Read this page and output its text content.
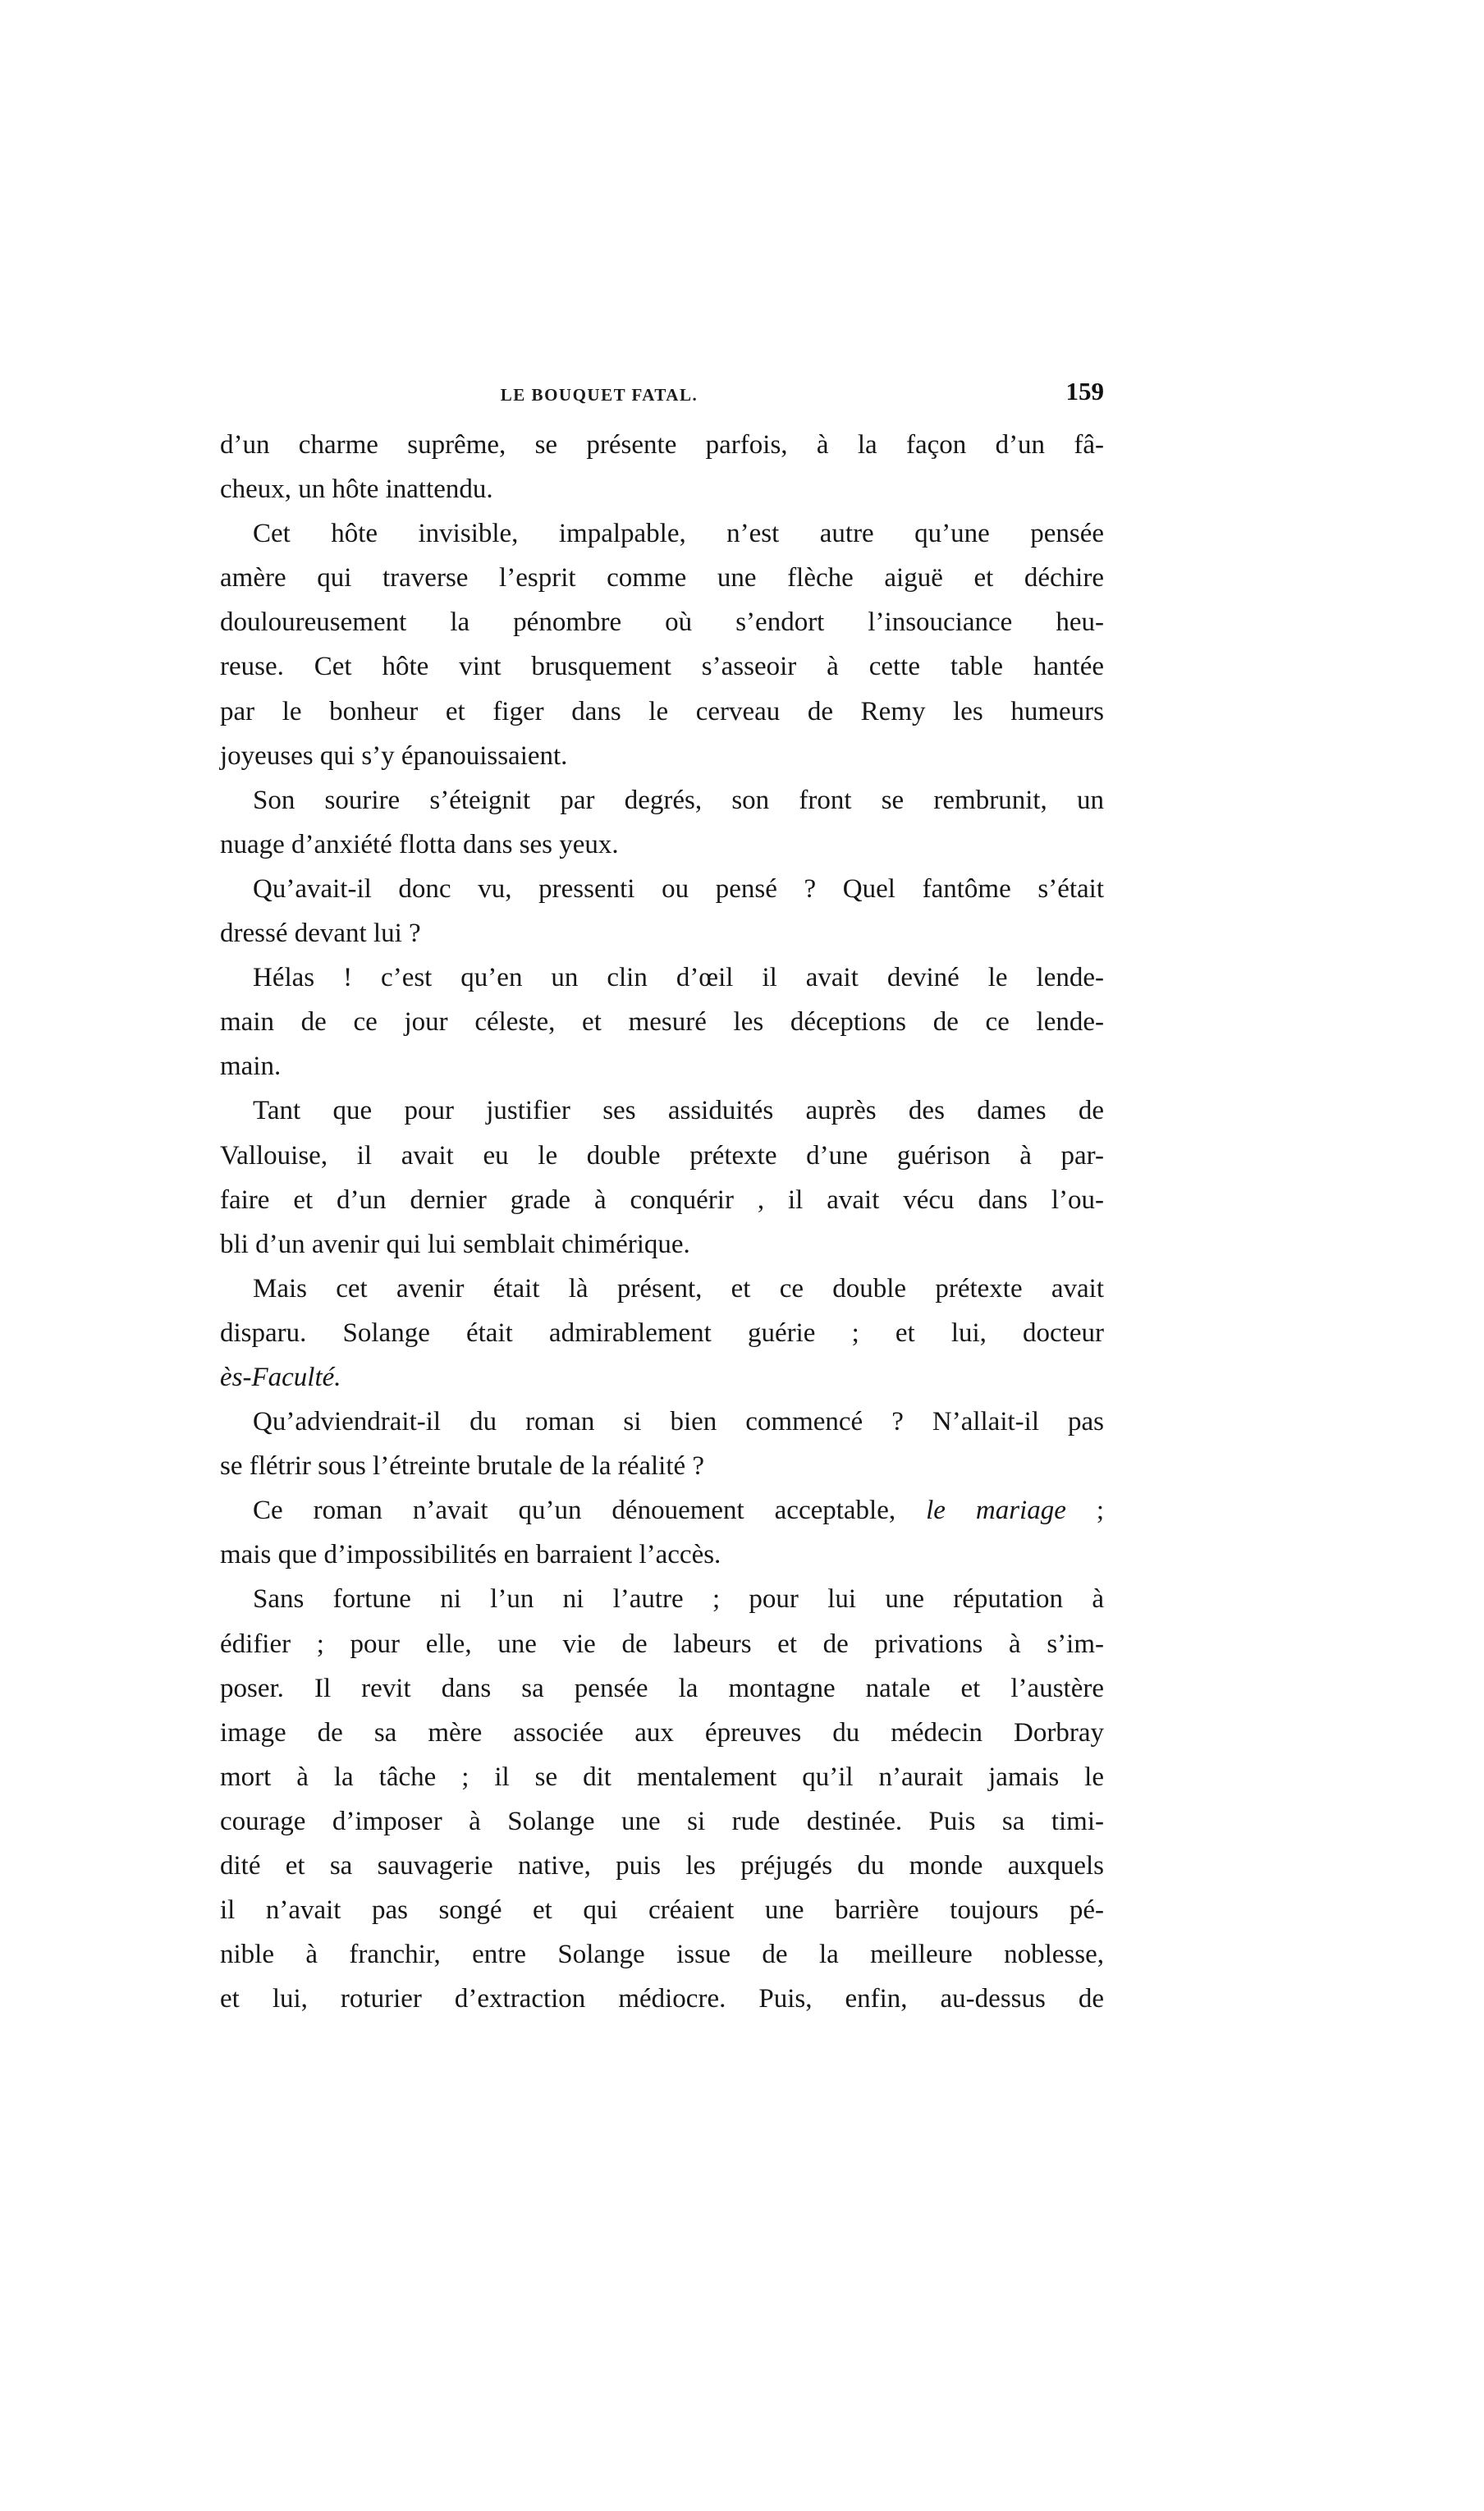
LE BOUQUET FATAL.	159
d’un charme suprême, se présente parfois, à la façon d’un fâ-
cheux, un hôte inattendu.
Cet hôte invisible, impalpable, n’est autre qu’une pensée
amère qui traverse l’esprit comme une flèche aiguë et déchire
douloureusement la pénombre où s’endort l’insouciance heu-
reuse. Cet hôte vint brusquement s’asseoir à cette table hantée
par le bonheur et figer dans le cerveau de Remy les humeurs
joyeuses qui s’y épanouissaient.
Son sourire s’éteignit par degrés, son front se rembrunit, un
nuage d’anxiété flotta dans ses yeux.
Qu’avait-il donc vu, pressenti ou pensé ? Quel fantôme s’était
dressé devant lui ?
Hélas ! c’est qu’en un clin d’œil il avait deviné le lende-
main de ce jour céleste, et mesuré les déceptions de ce lende-
main.
Tant que pour justifier ses assiduités auprès des dames de
Vallouise, il avait eu le double prétexte d’une guérison à par-
faire et d’un dernier grade à conquérir , il avait vécu dans l’ou-
bli d’un avenir qui lui semblait chimérique.
Mais cet avenir était là présent, et ce double prétexte avait
disparu. Solange était admirablement guérie ; et lui, docteur
ès-Faculté.
Qu’adviendrait-il du roman si bien commencé ? N’allait-il pas
se flétrir sous l’étreinte brutale de la réalité ?
Ce roman n’avait qu’un dénouement acceptable, le mariage ;
mais que d’impossibilités en barraient l’accès.
Sans fortune ni l’un ni l’autre ; pour lui une réputation à
édifier ; pour elle, une vie de labeurs et de privations à s’im-
poser. Il revit dans sa pensée la montagne natale et l’austère
image de sa mère associée aux épreuves du médecin Dorbray
mort à la tâche ; il se dit mentalement qu’il n’aurait jamais le
courage d’imposer à Solange une si rude destinée. Puis sa timi-
dité et sa sauvagerie native, puis les préjugés du monde auxquels
il n’avait pas songé et qui créaient une barrière toujours pé-
nible à franchir, entre Solange issue de la meilleure noblesse,
et lui, roturier d’extraction médiocre. Puis, enfin, au-dessus de
